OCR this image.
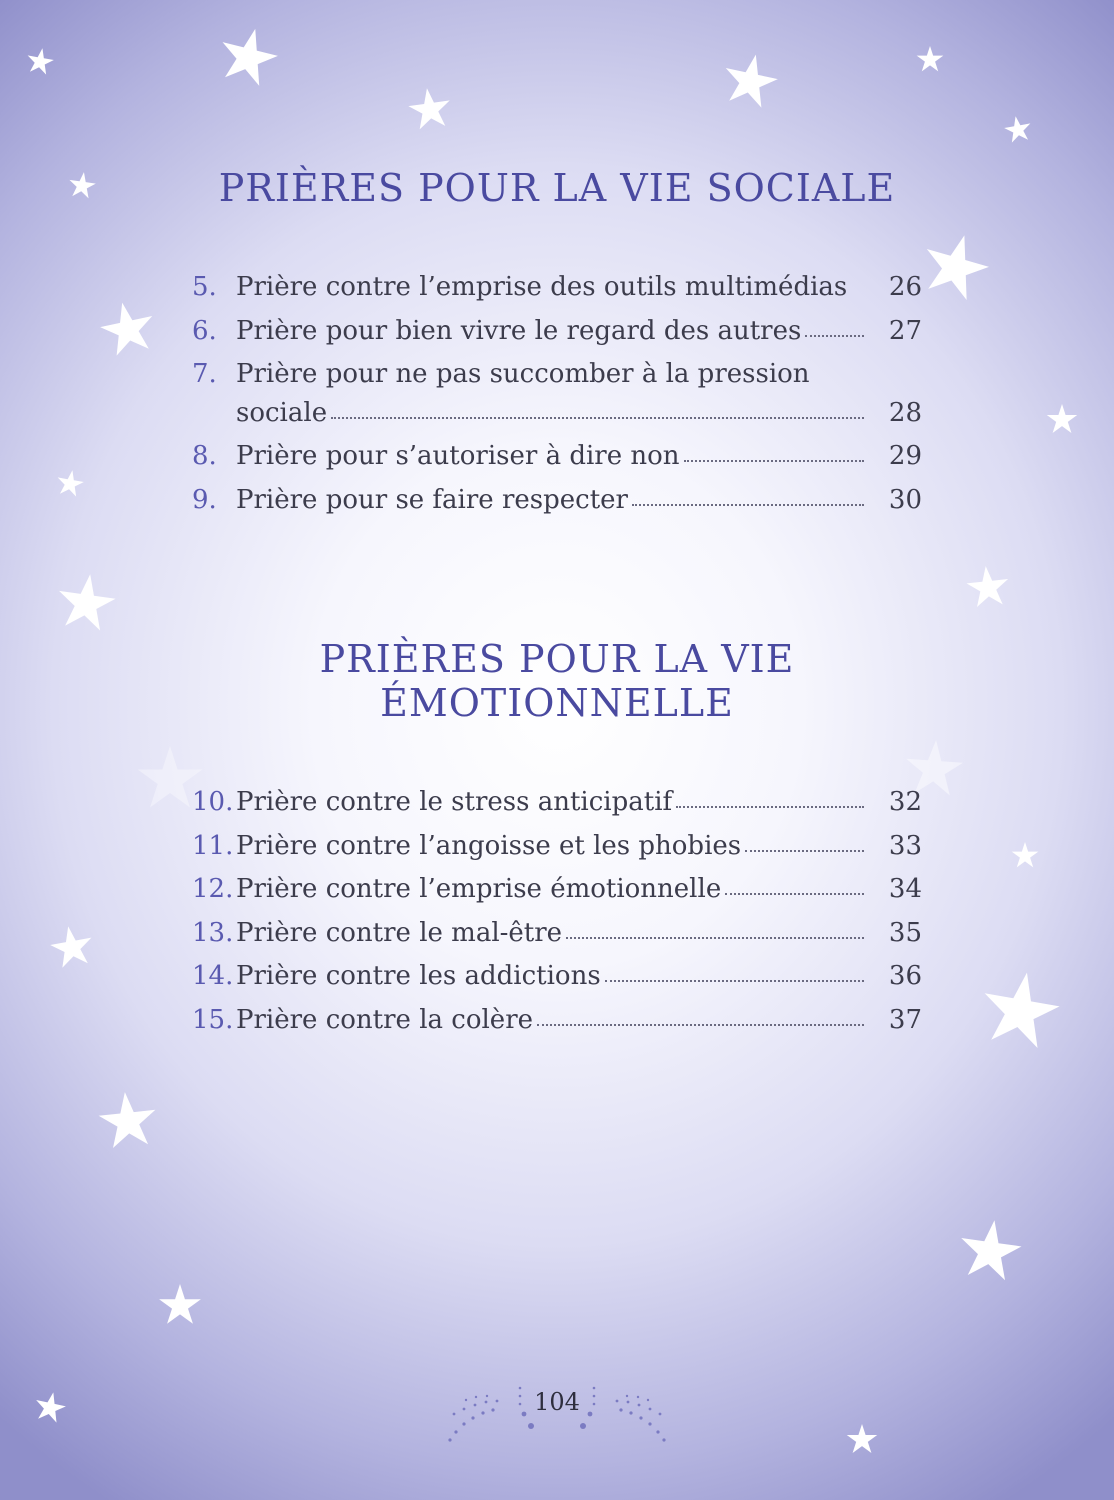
PRIÈRES POUR LA VIE SOCIALE
5. Prière contre l’emprise des outils multimédias 26
6. Prière pour bien vivre le regard des autres	27
7. Prière pour ne pas succomber à la pression
sociale	28
8. Prière pour s’autoriser à dire non	29
9. Prière pour se faire respecter	30
PRIÈRES POUR LA VIE
ÉMOTIONNELLE
10. Prière contre le stress anticipatif	32
11. Prière contre l’angoisse et les phobies	33
12. Prière contre l’emprise émotionnelle	34
13. Prière contre le mal-être	35
14. Prière contre les addictions	36
15. Prière contre la colère	37
104
